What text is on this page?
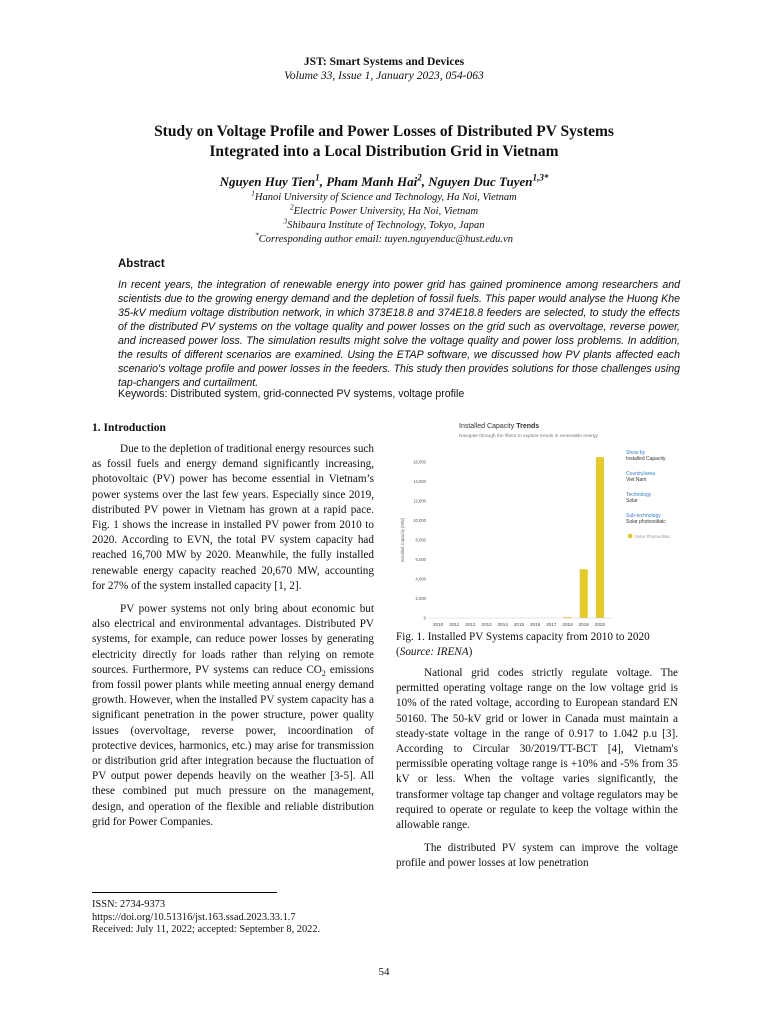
JST: Smart Systems and Devices
Volume 33, Issue 1, January 2023, 054-063
Study on Voltage Profile and Power Losses of Distributed PV Systems
Integrated into a Local Distribution Grid in Vietnam
Nguyen Huy Tien$^1$, Pham Manh Hai$^2$, Nguyen Duc Tuyen$^{1,3*}$
$^1$Hanoi University of Science and Technology, Ha Noi, Vietnam
$^2$Electric Power University, Ha Noi, Vietnam
$^3$Shibaura Institute of Technology, Tokyo, Japan
*Corresponding author email: tuyen.nguyenduc@hust.edu.vn
Abstract
In recent years, the integration of renewable energy into power grid has gained prominence among researchers and scientists due to the growing energy demand and the depletion of fossil fuels. This paper would analyse the Huong Khe 35-kV medium voltage distribution network, in which 373E18.8 and 374E18.8 feeders are selected, to study the effects of the distributed PV systems on the voltage quality and power losses on the grid such as overvoltage, reverse power, and increased power loss. The simulation results might solve the voltage quality and power loss problems. In addition, the results of different scenarios are examined. Using the ETAP software, we discussed how PV plants affected each scenario's voltage profile and power losses in the feeders. This study then provides solutions for those challenges using tap-changers and curtailment.
Keywords: Distributed system, grid-connected PV systems, voltage profile
1. Introduction

Due to the depletion of traditional energy resources such as fossil fuels and energy demand significantly increasing, photovoltaic (PV) power has become essential in Vietnam’s power systems over the last few years. Especially since 2019, distributed PV power in Vietnam has grown at a rapid pace. Fig. 1 shows the increase in installed PV power from 2010 to 2020. According to EVN, the total PV system capacity had reached 16,700 MW by 2020. Meanwhile, the fully installed renewable energy capacity reached 20,670 MW, accounting for 27% of the system installed capacity [1, 2].

PV power systems not only bring about economic but also electrical and environmental advantages. Distributed PV systems, for example, can reduce power losses by generating electricity directly for loads rather than relying on remote sources. Furthermore, PV systems can reduce $CO_2$ emissions from fossil power plants while meeting annual energy demand growth. However, when the installed PV system capacity has a significant penetration in the power structure, power quality issues (overvoltage, reverse power, incoordination of protective devices, harmonics, etc.) may arise for transmission or distribution grid after integration because the fluctuation of PV output power depends heavily on the weather [3-5]. All these combined put much pressure on the management, design, and operation of the flexible and reliable distribution grid for Power Companies.

Installed Capacity Trends
Navigate through the filters to explore trends in renewable energy
Installed Capacity (MW)
0
2,000
4,000
6,000
8,000
10,000
12,000
14,000
16,000
2010 2011 2012 2013 2014 2015 2016 2017 2018 2019 2020
Show by
Installed Capacity
Country/area
Viet Nam
Technology
Solar
Sub-technology
Solar photovoltaic
Solar Photovoltaic
Fig. 1. Installed PV Systems capacity from 2010 to 2020 (Source: IRENA)

National grid codes strictly regulate voltage. The permitted operating voltage range on the low voltage grid is 10% of the rated voltage, according to European standard EN 50160. The 50-kV grid or lower in Canada must maintain a steady-state voltage in the range of 0.917 to 1.042 p.u [3]. According to Circular 30/2019/TT-BCT [4], Vietnam's permissible operating voltage range is +10% and -5% from 35 kV or less. When the voltage varies significantly, the transformer voltage tap changer and voltage regulators may be required to operate or regulate to keep the voltage within the allowable range.

The distributed PV system can improve the voltage profile and power losses at low penetration

ISSN: 2734-9373
https://doi.org/10.51316/jst.163.ssad.2023.33.1.7
Received: July 11, 2022; accepted: September 8, 2022.
54
